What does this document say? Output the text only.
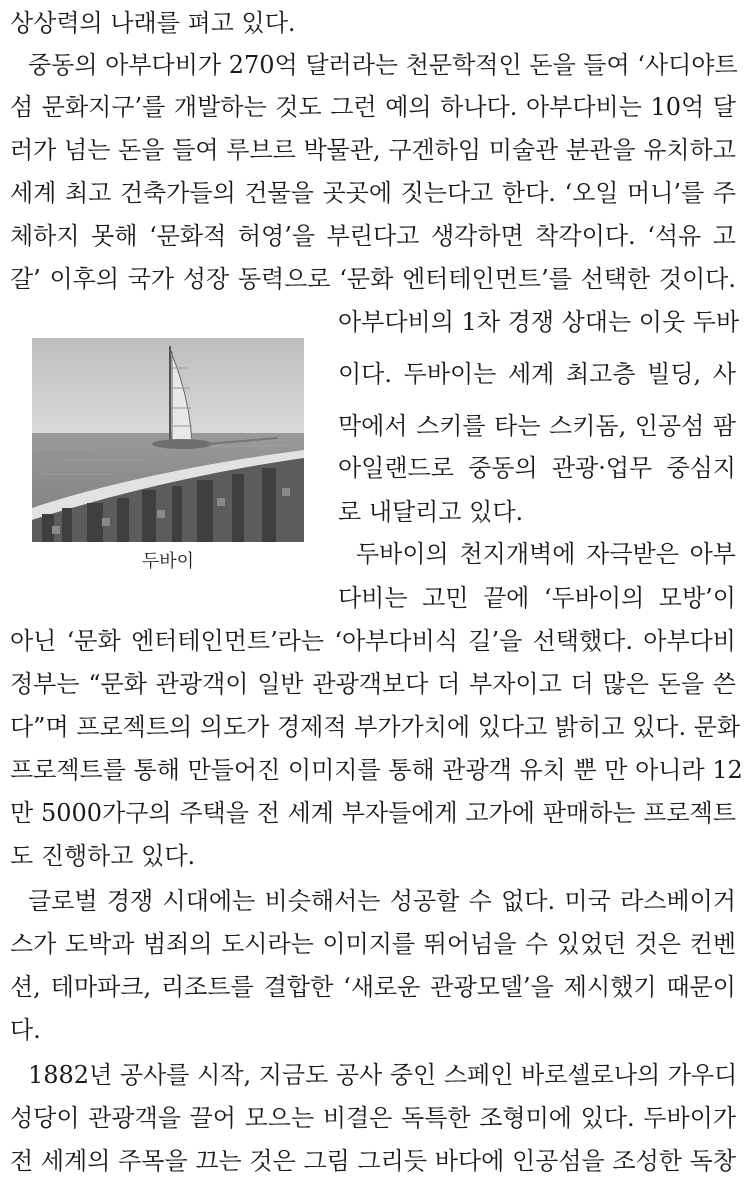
상상력의 나래를 펴고 있다.
중동의 아부다비가 270억 달러라는 천문학적인 돈을 들여 ‘사디야트
섬 문화지구’를 개발하는 것도 그런 예의 하나다. 아부다비는 10억 달
러가 넘는 돈을 들여 루브르 박물관, 구겐하임 미술관 분관을 유치하고
세계 최고 건축가들의 건물을 곳곳에 짓는다고 한다. ‘오일 머니’를 주
체하지 못해 ‘문화적 허영’을 부린다고 생각하면 착각이다. ‘석유 고
갈’ 이후의 국가 성장 동력으로 ‘문화 엔터테인먼트’를 선택한 것이다.
두바이
아부다비의 1차 경쟁 상대는 이웃 두바
이다. 두바이는 세계 최고층 빌딩, 사
막에서 스키를 타는 스키돔, 인공섬 팜
아일랜드로 중동의 관광·업무 중심지
로 내달리고 있다.
두바이의 천지개벽에 자극받은 아부
다비는 고민 끝에 ‘두바이의 모방’이
아닌 ‘문화 엔터테인먼트’라는 ‘아부다비식 길’을 선택했다. 아부다비
정부는 “문화 관광객이 일반 관광객보다 더 부자이고 더 많은 돈을 쓴
다”며 프로젝트의 의도가 경제적 부가가치에 있다고 밝히고 있다. 문화
프로젝트를 통해 만들어진 이미지를 통해 관광객 유치 뿐 만 아니라 12
만 5000가구의 주택을 전 세계 부자들에게 고가에 판매하는 프로젝트
도 진행하고 있다.
글로벌 경쟁 시대에는 비슷해서는 성공할 수 없다. 미국 라스베이거
스가 도박과 범죄의 도시라는 이미지를 뛰어넘을 수 있었던 것은 컨벤
션, 테마파크, 리조트를 결합한 ‘새로운 관광모델’을 제시했기 때문이
다.
1882년 공사를 시작, 지금도 공사 중인 스페인 바로셀로나의 가우디
성당이 관광객을 끌어 모으는 비결은 독특한 조형미에 있다. 두바이가
전 세계의 주목을 끄는 것은 그림 그리듯 바다에 인공섬을 조성한 독창
